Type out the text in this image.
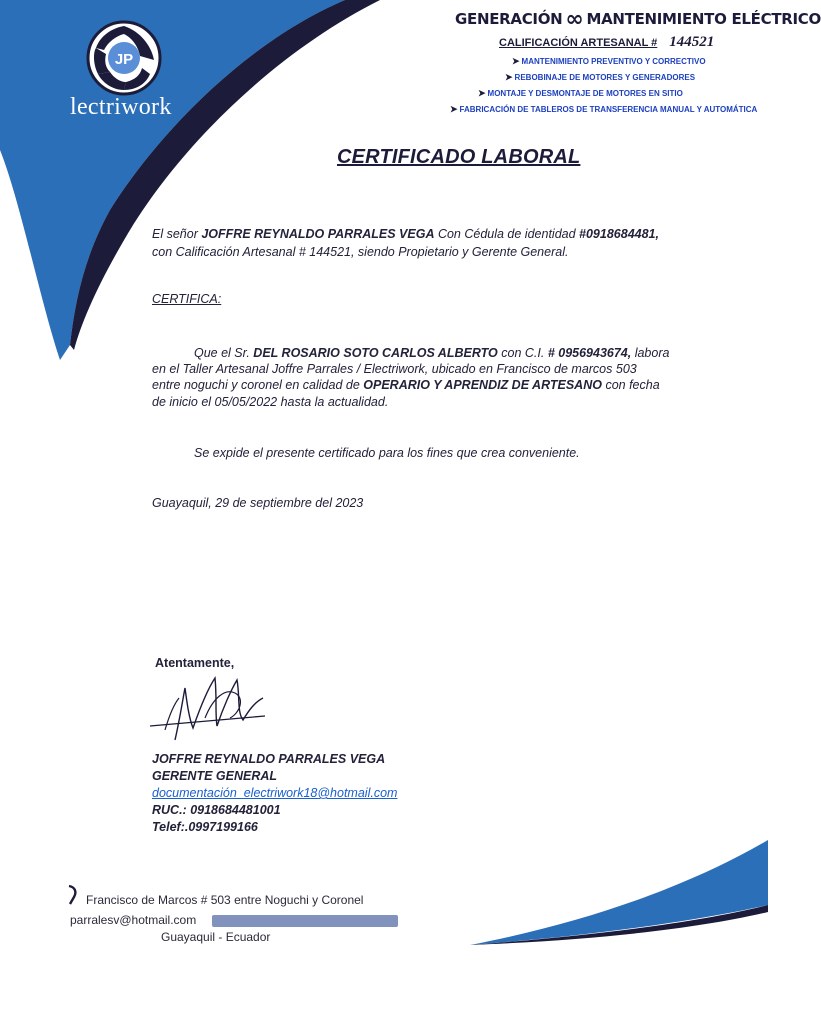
JP
lectriwork
GENERACIÓN ∞ MANTENIMIENTO ELÉCTRICO
CALIFICACIÓN ARTESANAL # 144521
➤ MANTENIMIENTO PREVENTIVO Y CORRECTIVO
➤ REBOBINAJE DE MOTORES Y GENERADORES
➤ MONTAJE Y DESMONTAJE DE MOTORES EN SITIO
➤ FABRICACIÓN DE TABLEROS DE TRANSFERENCIA MANUAL Y AUTOMÁTICA
CERTIFICADO LABORAL
El señor JOFFRE REYNALDO PARRALES VEGA Con Cédula de identidad #0918684481,
con Calificación Artesanal # 144521, siendo Propietario y Gerente General.
CERTIFICA:
Que el Sr. DEL ROSARIO SOTO CARLOS ALBERTO con C.I. # 0956943674, labora
en el Taller Artesanal Joffre Parrales / Electriwork, ubicado en Francisco de marcos 503
entre noguchi y coronel en calidad de OPERARIO Y APRENDIZ DE ARTESANO con fecha
de inicio el 05/05/2022 hasta la actualidad.
Se expide el presente certificado para los fines que crea conveniente.
Guayaquil, 29 de septiembre del 2023
Atentamente,
JOFFRE REYNALDO PARRALES VEGA
GERENTE GENERAL
documentación_electriwork18@hotmail.com
RUC.: 0918684481001
Telef:.0997199166
Francisco de Marcos # 503 entre Noguchi y Coronel
parralesv@hotmail.com
Guayaquil - Ecuador
